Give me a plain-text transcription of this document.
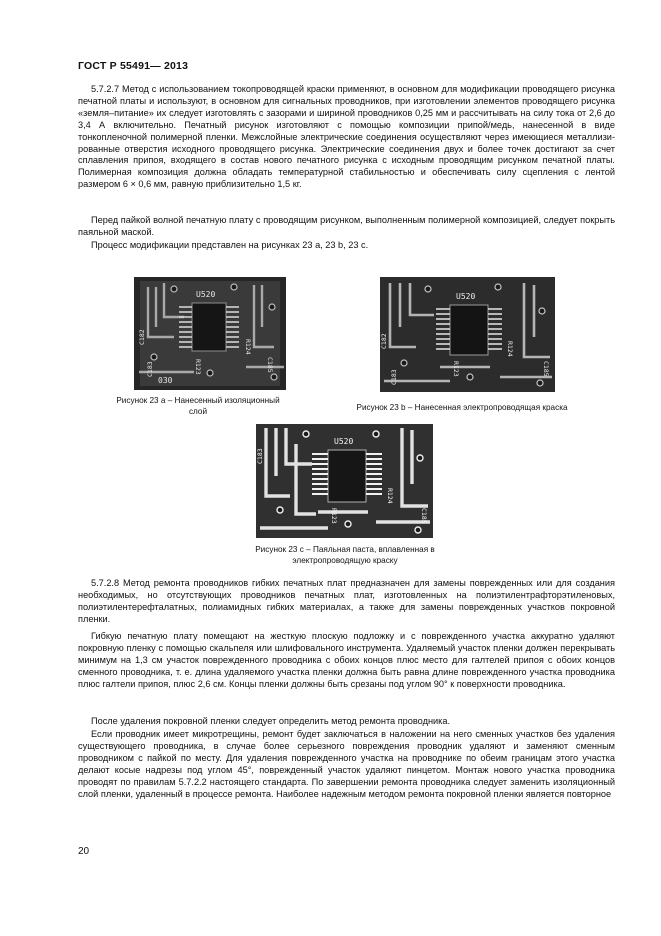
ГОСТ Р 55491— 2013

5.7.2.7 Метод с использованием токопроводящей краски применяют, в основном для модификации проводящего рисунка печатной платы и используют, в основном для сигнальных проводников, при изготовлении элементов проводящего рисунка «земля–питание» их следует изготовлять с зазорами и шириной проводников 0,25 мм и рассчитывать на силу тока от 2,6 до 3,4 А включительно. Печатный рисунок изготовляют с помощью композиции припой/медь, нанесенной в виде тонкопленочной полимерной пленки. Межслойные электрические соединения осуществляют через имеющиеся металлизированные отверстия исходного проводящего рисунка. Электрические соединения двух и более точек достигают за счет сплавления припоя, входящего в состав нового печатного рисунка с исходным проводящим рисунком печатной платы. Полимерная композиция должна обладать температурной стабильностью и обеспечивать силу сцепления с лентой размером 6 × 0,6 мм, равную приблизительно 1,5 кг.

Перед пайкой волной печатную плату с проводящим рисунком, выполненным полимерной композицией, следует покрыть паяльной маской.

Процесс модификации представлен на рисунках 23 a, 23 b, 23 c.

U520
030
C182
C183
R124
R123	C185
Рисунок 23 а – Нанесенный изоляционный
слой
U520
C182
C183
R124
R123	C185
Рисунок 23 b – Нанесенная электропроводящая краска
U520
C183
R124
R123	C185
Рисунок 23 c – Паяльная паста, вплавленная в
электропроводящую краску

5.7.2.8 Метод ремонта проводников гибких печатных плат предназначен для замены поврежденных или для создания необходимых, но отсутствующих проводников печатных плат, изготовленных на полиэтилентрафторэтиленовых, полиэтилентерефталатных, полиамидных гибких материалах, а также для замены поврежденных участков покровной пленки.

Гибкую печатную плату помещают на жесткую плоскую подложку и с поврежденного участка аккуратно удаляют покровную пленку с помощью скальпеля или шлифовального инструмента. Удаляемый участок пленки должен перекрывать минимум на 1,3 см участок поврежденного проводника с обоих концов плюс место для галтелей припоя с обоих концов сменного проводника, т. е. длина удаляемого участка пленки должна быть равна длине поврежденного участка проводника плюс галтели припоя, плюс 2,6 см. Концы пленки должны быть срезаны под углом 90° к поверхности проводника.

После удаления покровной пленки следует определить метод ремонта проводника.

Если проводник имеет микротрещины, ремонт будет заключаться в наложении на него сменных участков без удаления существующего проводника, в случае более серьезного повреждения проводник удаляют и заменяют сменным проводником с пайкой по месту. Для удаления поврежденного участка на проводнике по обеим границам этого участка делают косые надрезы под углом 45°, поврежденный участок удаляют пинцетом. Монтаж нового участка проводника проводят по правилам 5.7.2.2 настоящего стандарта. По завершении ремонта проводника следует заменить изоляционный слой пленки, удаленный в процессе ремонта. Наиболее надежным методом ремонта покровной пленки является повторное

20
